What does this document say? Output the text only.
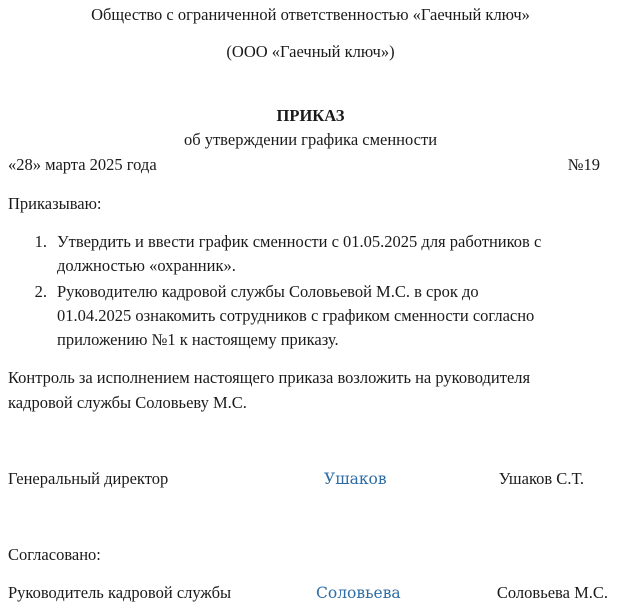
Общество с ограниченной ответственностью «Гаечный ключ»
(ООО «Гаечный ключ»)
ПРИКАЗ
об утверждении графика сменности
«28» марта 2025 года	№19
Приказываю:
1. Утвердить и ввести график сменности с 01.05.2025 для работников с
должностью «охранник».
2. Руководителю кадровой службы Соловьевой М.С. в срок до
01.04.2025 ознакомить сотрудников с графиком сменности согласно
приложению №1 к настоящему приказу.
Контроль за исполнением настоящего приказа возложить на руководителя
кадровой службы Соловьеву М.С.
Генеральный директор	Ушаков	Ушаков С.Т.
Согласовано:
Руководитель кадровой службы	Соловьева	Соловьева М.С.
